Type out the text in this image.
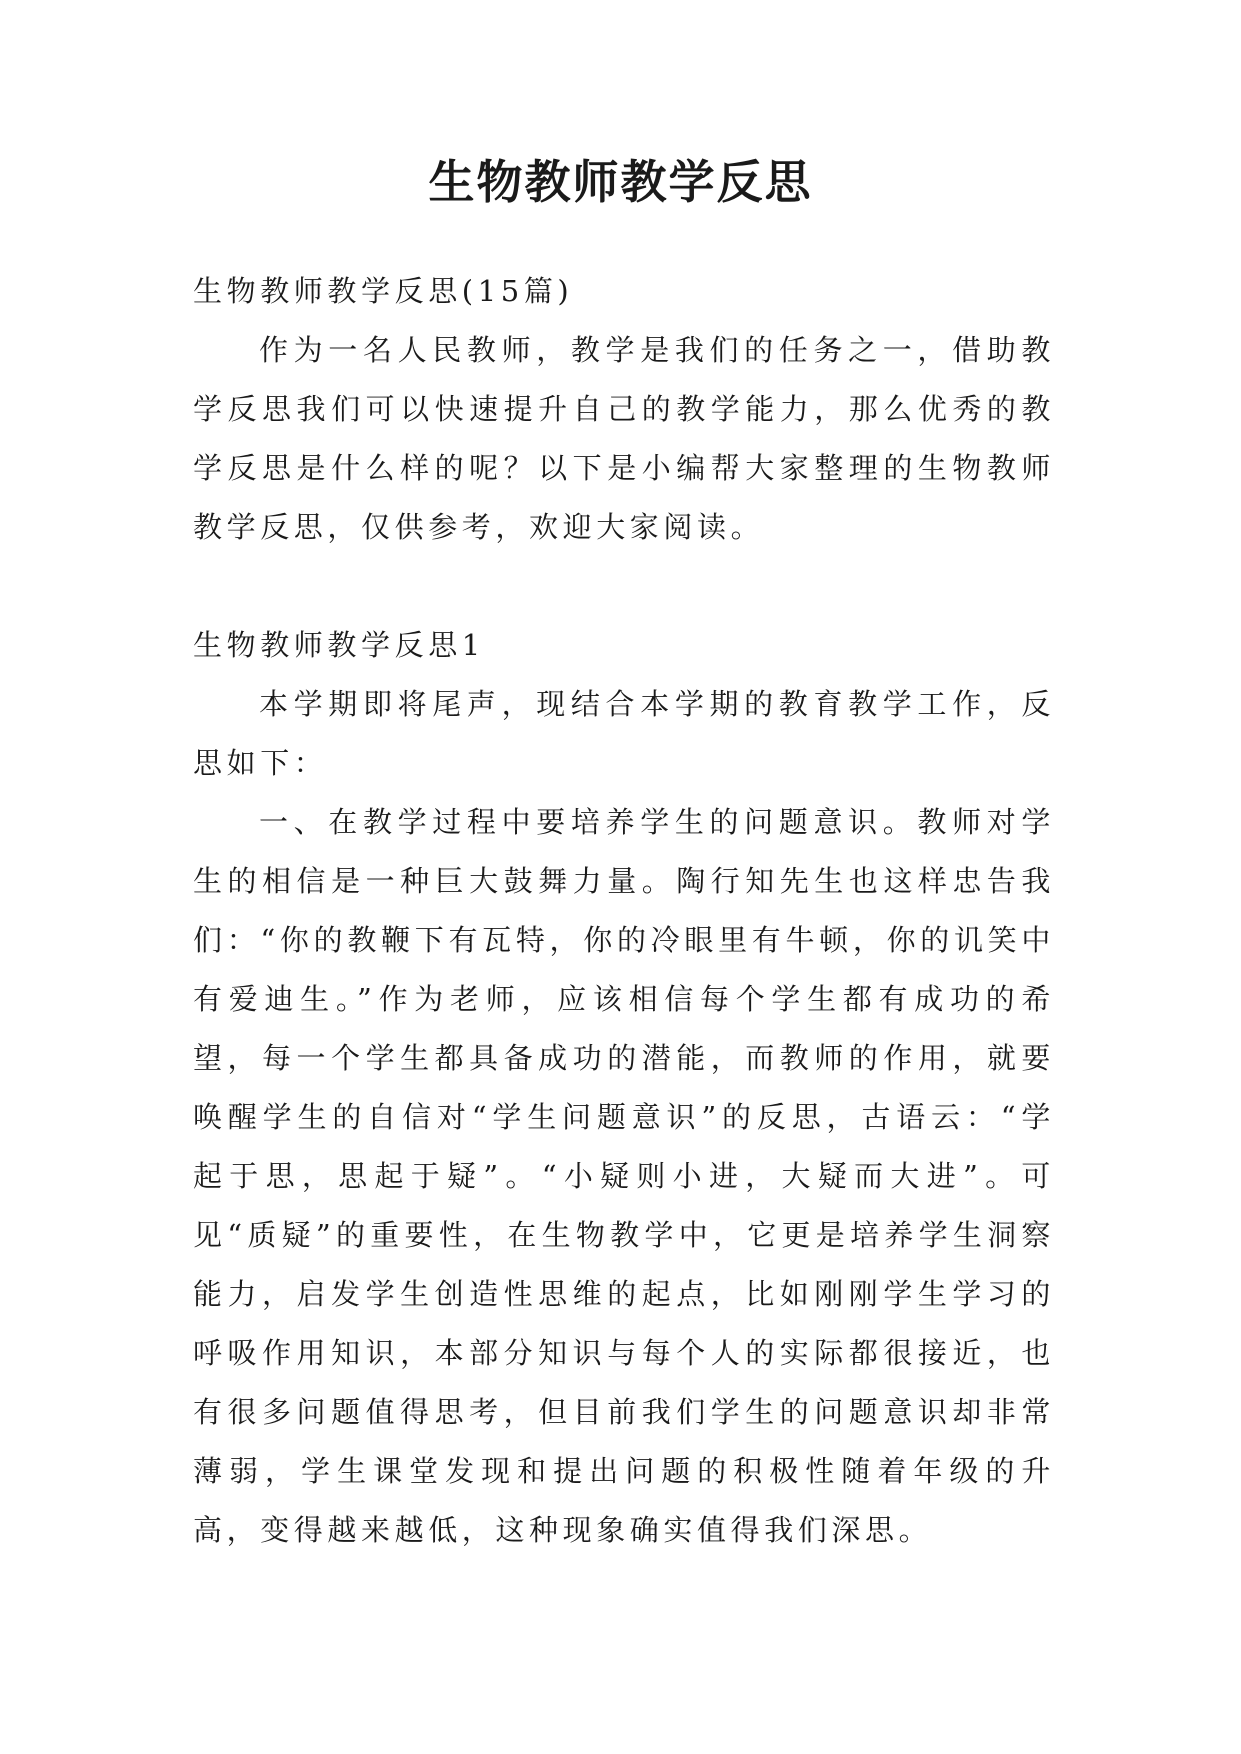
生物教师教学反思

生物教师教学反思(15篇)

作为一名人民教师，教学是我们的任务之一，借助教学反思我们可以快速提升自己的教学能力，那么优秀的教学反思是什么样的呢？以下是小编帮大家整理的生物教师教学反思，仅供参考，欢迎大家阅读。

生物教师教学反思1

本学期即将尾声，现结合本学期的教育教学工作，反思如下：

一、在教学过程中要培养学生的问题意识。教师对学生的相信是一种巨大鼓舞力量。陶行知先生也这样忠告我们：“你的教鞭下有瓦特，你的冷眼里有牛顿，你的讥笑中有爱迪生。”作为老师，应该相信每个学生都有成功的希望，每一个学生都具备成功的潜能，而教师的作用，就要唤醒学生的自信对“学生问题意识”的反思，古语云：“学起于思，思起于疑”。“小疑则小进，大疑而大进”。可见“质疑”的重要性，在生物教学中，它更是培养学生洞察能力，启发学生创造性思维的起点，比如刚刚学生学习的呼吸作用知识，本部分知识与每个人的实际都很接近，也有很多问题值得思考，但目前我们学生的问题意识却非常薄弱，学生课堂发现和提出问题的积极性随着年级的升高，变得越来越低，这种现象确实值得我们深思。
